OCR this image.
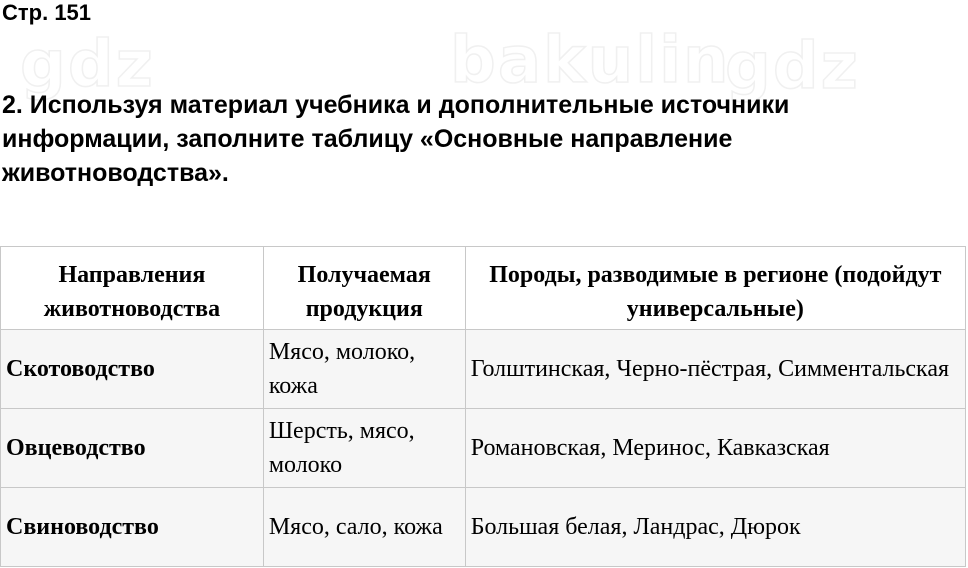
gdz	bakulin
gdz
Стр. 151
2. Используя материал учебника и дополнительные источники информации, заполните таблицу «Основные направление животноводства».
Направления животноводства	Получаемая продукция	Породы, разводимые в регионе (подойдут универсальные)
Скотоводство	Мясо, молоко, кожа	Голштинская, Черно-пёстрая, Симментальская
Овцеводство	Шерсть, мясо, молоко	Романовская, Меринос, Кавказская
Свиноводство	Мясо, сало, кожа	Большая белая, Ландрас, Дюрок
